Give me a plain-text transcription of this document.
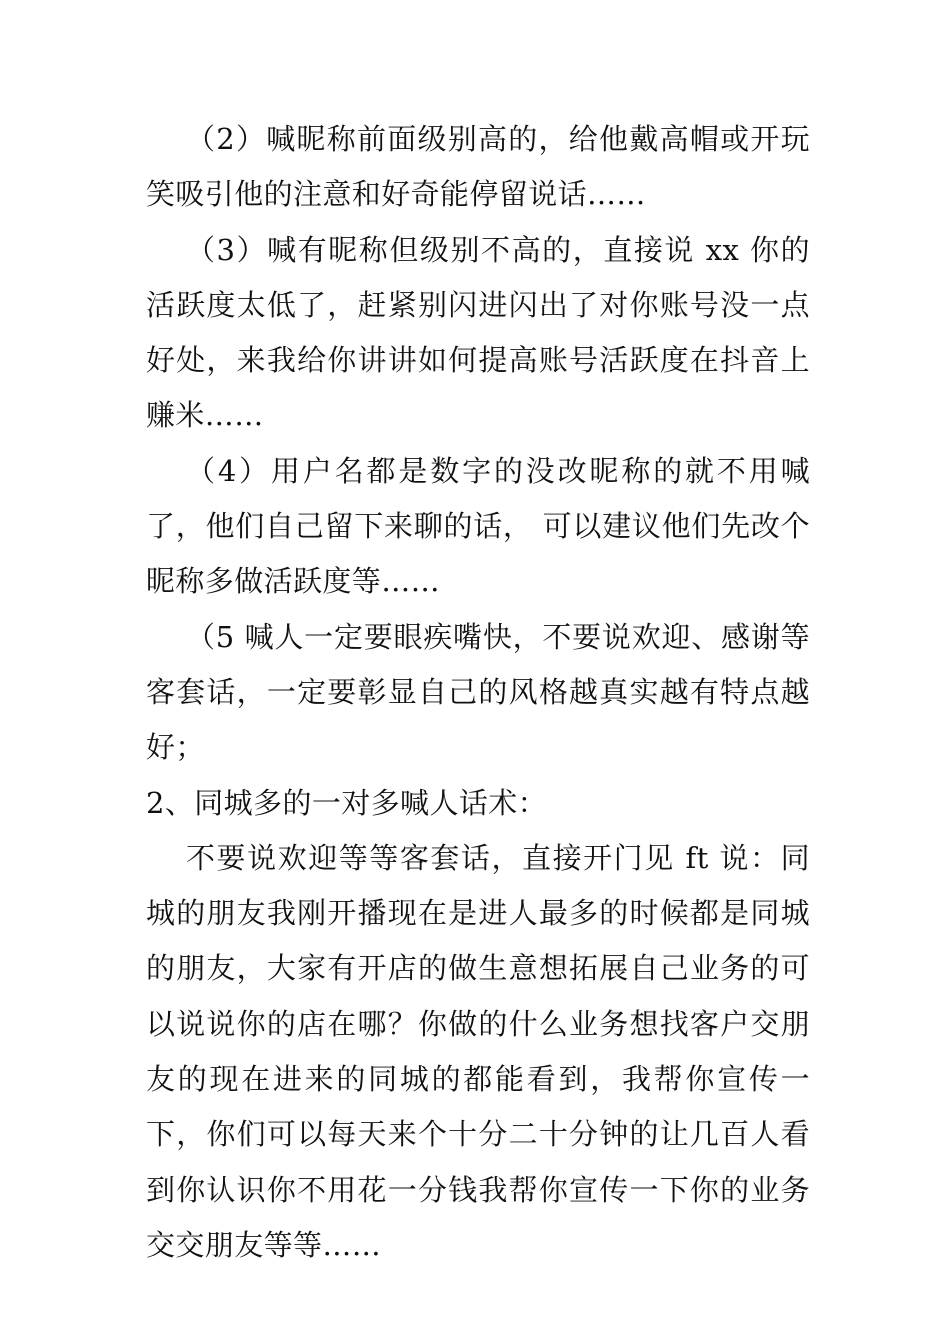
（2）喊昵称前面级别高的，给他戴高帽或开玩笑吸引他的注意和好奇能停留说话……

（3）喊有昵称但级别不高的，直接说 xx 你的活跃度太低了，赶紧别闪进闪出了对你账号没一点好处，来我给你讲讲如何提高账号活跃度在抖音上赚米……

（4）用户名都是数字的没改昵称的就不用喊了，他们自己留下来聊的话， 可以建议他们先改个昵称多做活跃度等……

（5 喊人一定要眼疾嘴快，不要说欢迎、感谢等客套话，一定要彰显自己的风格越真实越有特点越好；

2、同城多的一对多喊人话术：

不要说欢迎等等客套话，直接开门见 ft 说：同城的朋友我刚开播现在是进人最多的时候都是同城的朋友，大家有开店的做生意想拓展自己业务的可以说说你的店在哪？你做的什么业务想找客户交朋友的现在进来的同城的都能看到，我帮你宣传一下，你们可以每天来个十分二十分钟的让几百人看到你认识你不用花一分钱我帮你宣传一下你的业务交交朋友等等……
